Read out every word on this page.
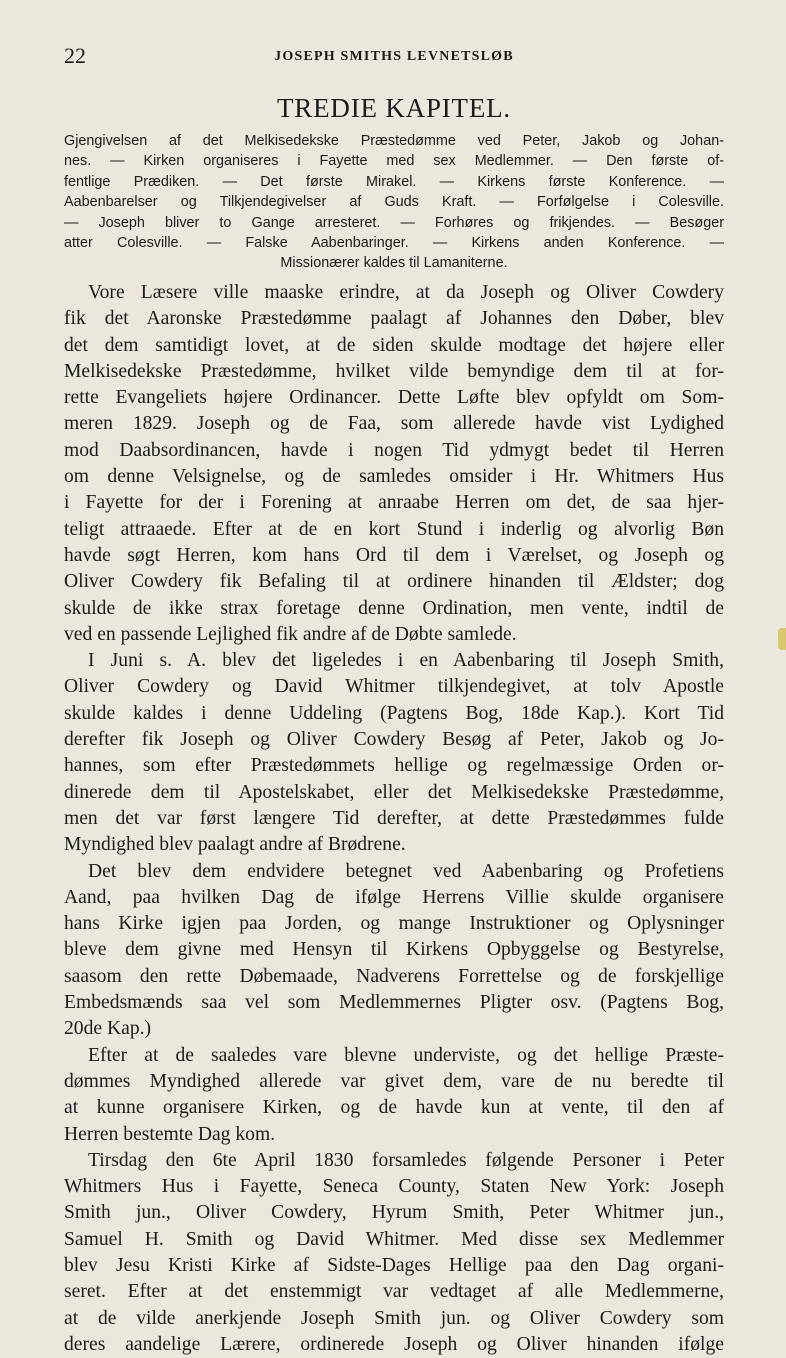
22	JOSEPH SMITHS LEVNETSLØB
TREDIE KAPITEL.
Gjengivelsen af det Melkisedekske Præstedømme ved Peter, Jakob og Johan-
nes. — Kirken organiseres i Fayette med sex Medlemmer. — Den første of-
fentlige Prædiken. — Det første Mirakel. — Kirkens første Konference. —
Aabenbarelser og Tilkjendegivelser af Guds Kraft. — Forfølgelse i Colesville.
— Joseph bliver to Gange arresteret. — Forhøres og frikjendes. — Besøger
atter Colesville. — Falske Aabenbaringer. — Kirkens anden Konference. —
Missionærer kaldes til Lamaniterne.
Vore Læsere ville maaske erindre, at da Joseph og Oliver Cowdery
fik det Aaronske Præstedømme paalagt af Johannes den Døber, blev
det dem samtidigt lovet, at de siden skulde modtage det højere eller
Melkisedekske Præstedømme, hvilket vilde bemyndige dem til at for-
rette Evangeliets højere Ordinancer. Dette Løfte blev opfyldt om Som-
meren 1829. Joseph og de Faa, som allerede havde vist Lydighed
mod Daabsordinancen, havde i nogen Tid ydmygt bedet til Herren
om denne Velsignelse, og de samledes omsider i Hr. Whitmers Hus
i Fayette for der i Forening at anraabe Herren om det, de saa hjer-
teligt attraaede. Efter at de en kort Stund i inderlig og alvorlig Bøn
havde søgt Herren, kom hans Ord til dem i Værelset, og Joseph og
Oliver Cowdery fik Befaling til at ordinere hinanden til Ældster; dog
skulde de ikke strax foretage denne Ordination, men vente, indtil de
ved en passende Lejlighed fik andre af de Døbte samlede.
I Juni s. A. blev det ligeledes i en Aabenbaring til Joseph Smith,
Oliver Cowdery og David Whitmer tilkjendegivet, at tolv Apostle
skulde kaldes i denne Uddeling (Pagtens Bog, 18de Kap.). Kort Tid
derefter fik Joseph og Oliver Cowdery Besøg af Peter, Jakob og Jo-
hannes, som efter Præstedømmets hellige og regelmæssige Orden or-
dinerede dem til Apostelskabet, eller det Melkisedekske Præstedømme,
men det var først længere Tid derefter, at dette Præstedømmes fulde
Myndighed blev paalagt andre af Brødrene.
Det blev dem endvidere betegnet ved Aabenbaring og Profetiens
Aand, paa hvilken Dag de ifølge Herrens Villie skulde organisere
hans Kirke igjen paa Jorden, og mange Instruktioner og Oplysninger
bleve dem givne med Hensyn til Kirkens Opbyggelse og Bestyrelse,
saasom den rette Døbemaade, Nadverens Forrettelse og de forskjellige
Embedsmænds saa vel som Medlemmernes Pligter osv. (Pagtens Bog,
20de Kap.)
Efter at de saaledes vare blevne underviste, og det hellige Præste-
dømmes Myndighed allerede var givet dem, vare de nu beredte til
at kunne organisere Kirken, og de havde kun at vente, til den af
Herren bestemte Dag kom.
Tirsdag den 6te April 1830 forsamledes følgende Personer i Peter
Whitmers Hus i Fayette, Seneca County, Staten New York: Joseph
Smith jun., Oliver Cowdery, Hyrum Smith, Peter Whitmer jun.,
Samuel H. Smith og David Whitmer. Med disse sex Medlemmer
blev Jesu Kristi Kirke af Sidste-Dages Hellige paa den Dag organi-
seret. Efter at det enstemmigt var vedtaget af alle Medlemmerne,
at de vilde anerkjende Joseph Smith jun. og Oliver Cowdery som
deres aandelige Lærere, ordinerede Joseph og Oliver hinanden ifølge
